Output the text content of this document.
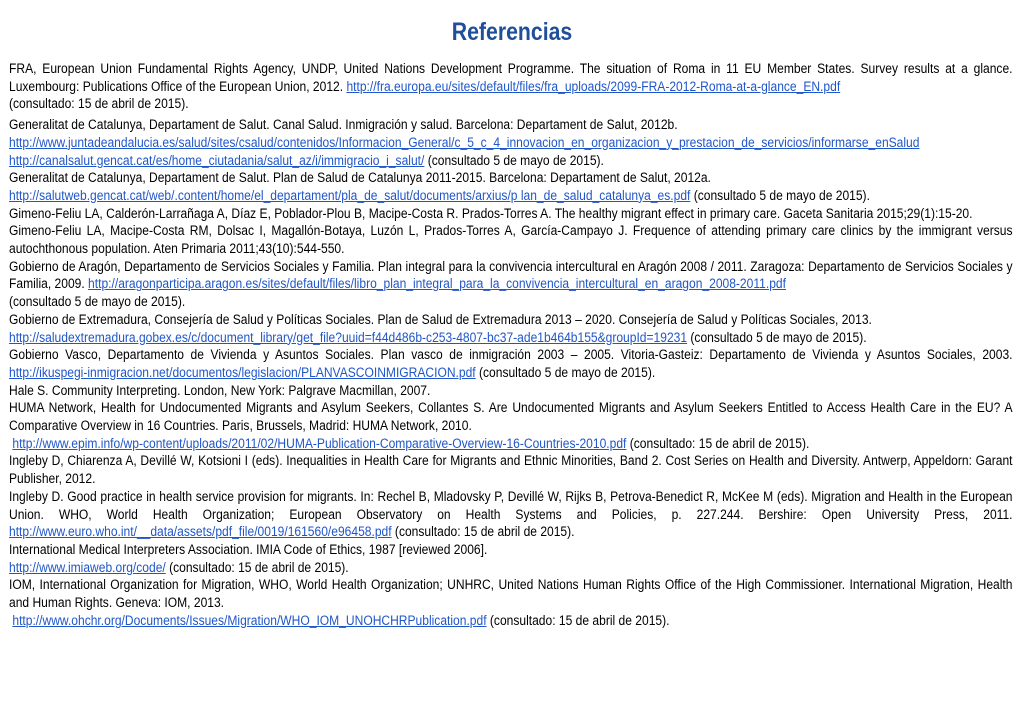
Referencias

FRA, European Union Fundamental Rights Agency, UNDP, United Nations Development Programme. The situation of Roma in 11 EU Member States. Survey results at a glance. Luxembourg: Publications Office of the European Union, 2012. http://fra.europa.eu/sites/default/files/fra_uploads/2099-FRA-2012-Roma-at-a-glance_EN.pdf
(consultado: 15 de abril de 2015).

Generalitat de Catalunya, Departament de Salut. Canal Salud. Inmigración y salud. Barcelona: Departament de Salut, 2012b.
http://www.juntadeandalucia.es/salud/sites/csalud/contenidos/Informacion_General/c_5_c_4_innovacion_en_organizacion_y_prestacion_de_servicios/informarse_enSalud
http://canalsalut.gencat.cat/es/home_ciutadania/salut_az/i/immigracio_i_salut/ (consultado 5 de mayo de 2015).

Generalitat de Catalunya, Departament de Salut. Plan de Salud de Catalunya 2011-2015. Barcelona: Departament de Salut, 2012a.
http://salutweb.gencat.cat/web/.content/home/el_departament/pla_de_salut/documents/arxius/p lan_de_salud_catalunya_es.pdf (consultado 5 de mayo de 2015).

Gimeno-Feliu LA, Calderón-Larrañaga A, Díaz E, Poblador-Plou B, Macipe-Costa R. Prados-Torres A. The healthy migrant effect in primary care. Gaceta Sanitaria 2015;29(1):15-20.

Gimeno-Feliu LA, Macipe-Costa RM, Dolsac I, Magallón-Botaya, Luzón L, Prados-Torres A, García-Campayo J. Frequence of attending primary care clinics by the immigrant versus autochthonous population. Aten Primaria 2011;43(10):544-550.

Gobierno de Aragón, Departamento de Servicios Sociales y Familia. Plan integral para la convivencia intercultural en Aragón 2008 / 2011. Zaragoza: Departamento de Servicios Sociales y Familia, 2009. http://aragonparticipa.aragon.es/sites/default/files/libro_plan_integral_para_la_convivencia_intercultural_en_aragon_2008-2011.pdf
(consultado 5 de mayo de 2015).

Gobierno de Extremadura, Consejería de Salud y Políticas Sociales. Plan de Salud de Extremadura 2013 – 2020. Consejería de Salud y Políticas Sociales, 2013.
http://saludextremadura.gobex.es/c/document_library/get_file?uuid=f44d486b-c253-4807-bc37-ade1b464b155&groupId=19231 (consultado 5 de mayo de 2015).

Gobierno Vasco, Departamento de Vivienda y Asuntos Sociales. Plan vasco de inmigración 2003 – 2005. Vitoria-Gasteiz: Departamento de Vivienda y Asuntos Sociales, 2003. http://ikuspegi-inmigracion.net/documentos/legislacion/PLANVASCOINMIGRACION.pdf (consultado 5 de mayo de 2015).

Hale S. Community Interpreting. London, New York: Palgrave Macmillan, 2007.

HUMA Network, Health for Undocumented Migrants and Asylum Seekers, Collantes S. Are Undocumented Migrants and Asylum Seekers Entitled to Access Health Care in the EU? A Comparative Overview in 16 Countries. Paris, Brussels, Madrid: HUMA Network, 2010.
http://www.epim.info/wp-content/uploads/2011/02/HUMA-Publication-Comparative-Overview-16-Countries-2010.pdf (consultado: 15 de abril de 2015).

Ingleby D, Chiarenza A, Devillé W, Kotsioni I (eds). Inequalities in Health Care for Migrants and Ethnic Minorities, Band 2. Cost Series on Health and Diversity. Antwerp, Appeldorn: Garant Publisher, 2012.

Ingleby D. Good practice in health service provision for migrants. In: Rechel B, Mladovsky P, Devillé W, Rijks B, Petrova-Benedict R, McKee M (eds). Migration and Health in the European Union. WHO, World Health Organization; European Observatory on Health Systems and Policies, p. 227.244. Bershire: Open University Press, 2011. http://www.euro.who.int/__data/assets/pdf_file/0019/161560/e96458.pdf (consultado: 15 de abril de 2015).

International Medical Interpreters Association. IMIA Code of Ethics, 1987 [reviewed 2006].
http://www.imiaweb.org/code/ (consultado: 15 de abril de 2015).

IOM, International Organization for Migration, WHO, World Health Organization; UNHRC, United Nations Human Rights Office of the High Commissioner. International Migration, Health and Human Rights. Geneva: IOM, 2013.
http://www.ohchr.org/Documents/Issues/Migration/WHO_IOM_UNOHCHRPublication.pdf (consultado: 15 de abril de 2015).
